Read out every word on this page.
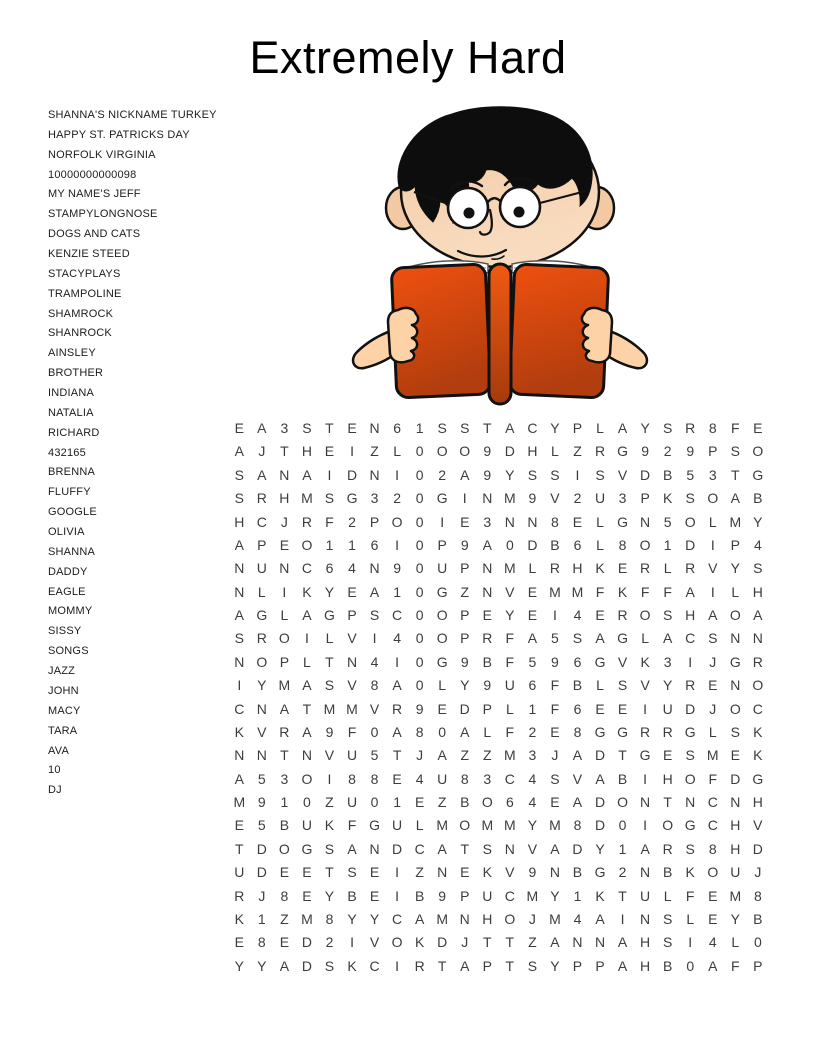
Extremely Hard
SHANNA'S NICKNAME TURKEY
HAPPY ST. PATRICKS DAY
NORFOLK VIRGINIA
10000000000098
MY NAME'S JEFF
STAMPYLONGNOSE
DOGS AND CATS
KENZIE STEED
STACYPLAYS
TRAMPOLINE
SHAMROCK
SHANROCK
AINSLEY
BROTHER
INDIANA
NATALIA
RICHARD
432165
BRENNA
FLUFFY
GOOGLE
OLIVIA
SHANNA
DADDY
EAGLE
MOMMY
SISSY
SONGS
JAZZ
JOHN
MACY
TARA
AVA
10
DJ
E A 3 S T E N 6 1 S S T A C Y P L A Y S R 8 F E
A J T H E I Z L 0 O O 9 D H L Z R G 9 2 9 P S O
S A N A I D N I 0 2 A 9 Y S S I S V D B 5 3 T G
S R H M S G 3 2 0 G I N M 9 V 2 U 3 P K S O A B
H C J R F 2 P O 0 I E 3 N N 8 E L G N 5 O L M Y
A P E O 1 1 6 I 0 P 9 A 0 D B 6 L 8 O 1 D I P 4
N U N C 6 4 N 9 0 U P N M L R H K E R L R V Y S
N L I K Y E A 1 0 G Z N V E M M F K F F A I L H
A G L A G P S C 0 O P E Y E I 4 E R O S H A O A
S R O I L V I 4 0 O P R F A 5 S A G L A C S N N
N O P L T N 4 I 0 G 9 B F 5 9 6 G V K 3 I J G R
I Y M A S V 8 A 0 L Y 9 U 6 F B L S V Y R E N O
C N A T M M V R 9 E D P L 1 F 6 E E I U D J O C
K V R A 9 F 0 A 8 0 A L F 2 E 8 G G R R G L S K
N N T N V U 5 T J A Z Z M 3 J A D T G E S M E K
A 5 3 O I 8 8 E 4 U 8 3 C 4 S V A B I H O F D G
M 9 1 0 Z U 0 1 E Z B O 6 4 E A D O N T N C N H
E 5 B U K F G U L M O M M Y M 8 D 0 I O G C H V
T D O G S A N D C A T S N V A D Y 1 A R S 8 H D
U D E E T S E I Z N E K V 9 N B G 2 N B K O U J
R J 8 E Y B E I B 9 P U C M Y 1 K T U L F E M 8
K 1 Z M 8 Y Y C A M N H O J M 4 A I N S L E Y B
E 8 E D 2 I V O K D J T T Z A N N A H S I 4 L 0
Y Y A D S K C I R T A P T S Y P P A H B 0 A F P
